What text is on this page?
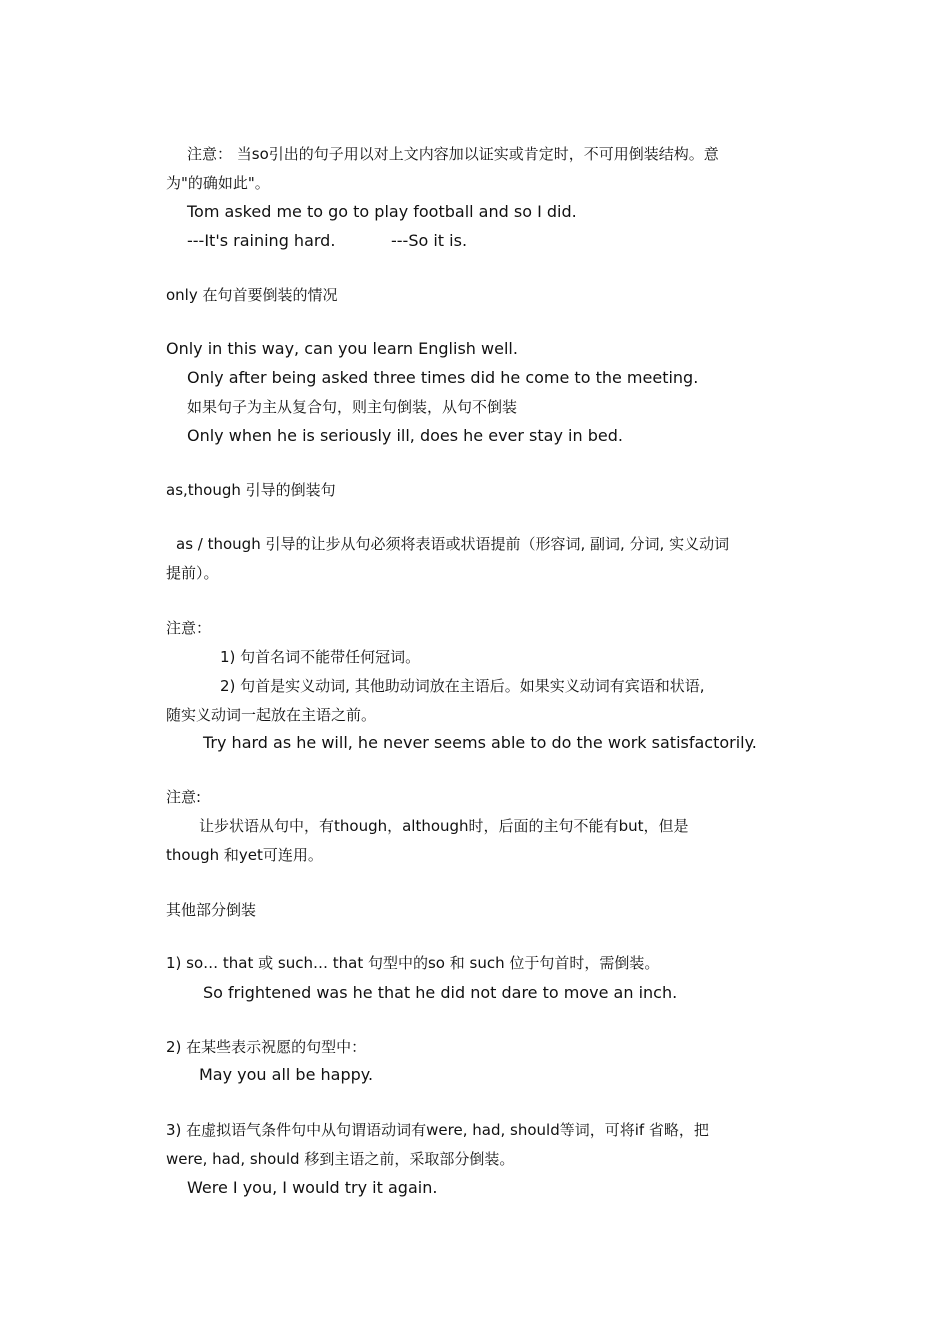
注意： 当so引出的句子用以对上文内容加以证实或肯定时，不可用倒装结构。意
为"的确如此"。
Tom asked me to go to play football and so I did.
---It's raining hard.	---So it is.
only 在句首要倒装的情况
Only in this way, can you learn English well.
Only after being asked three times did he come to the meeting.
如果句子为主从复合句，则主句倒装，从句不倒装
Only when he is seriously ill, does he ever stay in bed.
as,though 引导的倒装句
as / though 引导的让步从句必须将表语或状语提前（形容词, 副词, 分词, 实义动词
提前）。
注意：
1) 句首名词不能带任何冠词。
2) 句首是实义动词, 其他助动词放在主语后。如果实义动词有宾语和状语,
随实义动词一起放在主语之前。
Try hard as he will, he never seems able to do the work satisfactorily.
注意:
让步状语从句中，有though，although时，后面的主句不能有but，但是
though 和yet可连用。
其他部分倒装
1) so… that 或 such… that 句型中的so 和 such 位于句首时，需倒装。
So frightened was he that he did not dare to move an inch.
2) 在某些表示祝愿的句型中：
May you all be happy.
3) 在虚拟语气条件句中从句谓语动词有were, had, should等词，可将if 省略，把
were, had, should 移到主语之前，采取部分倒装。
Were I you, I would try it again.
